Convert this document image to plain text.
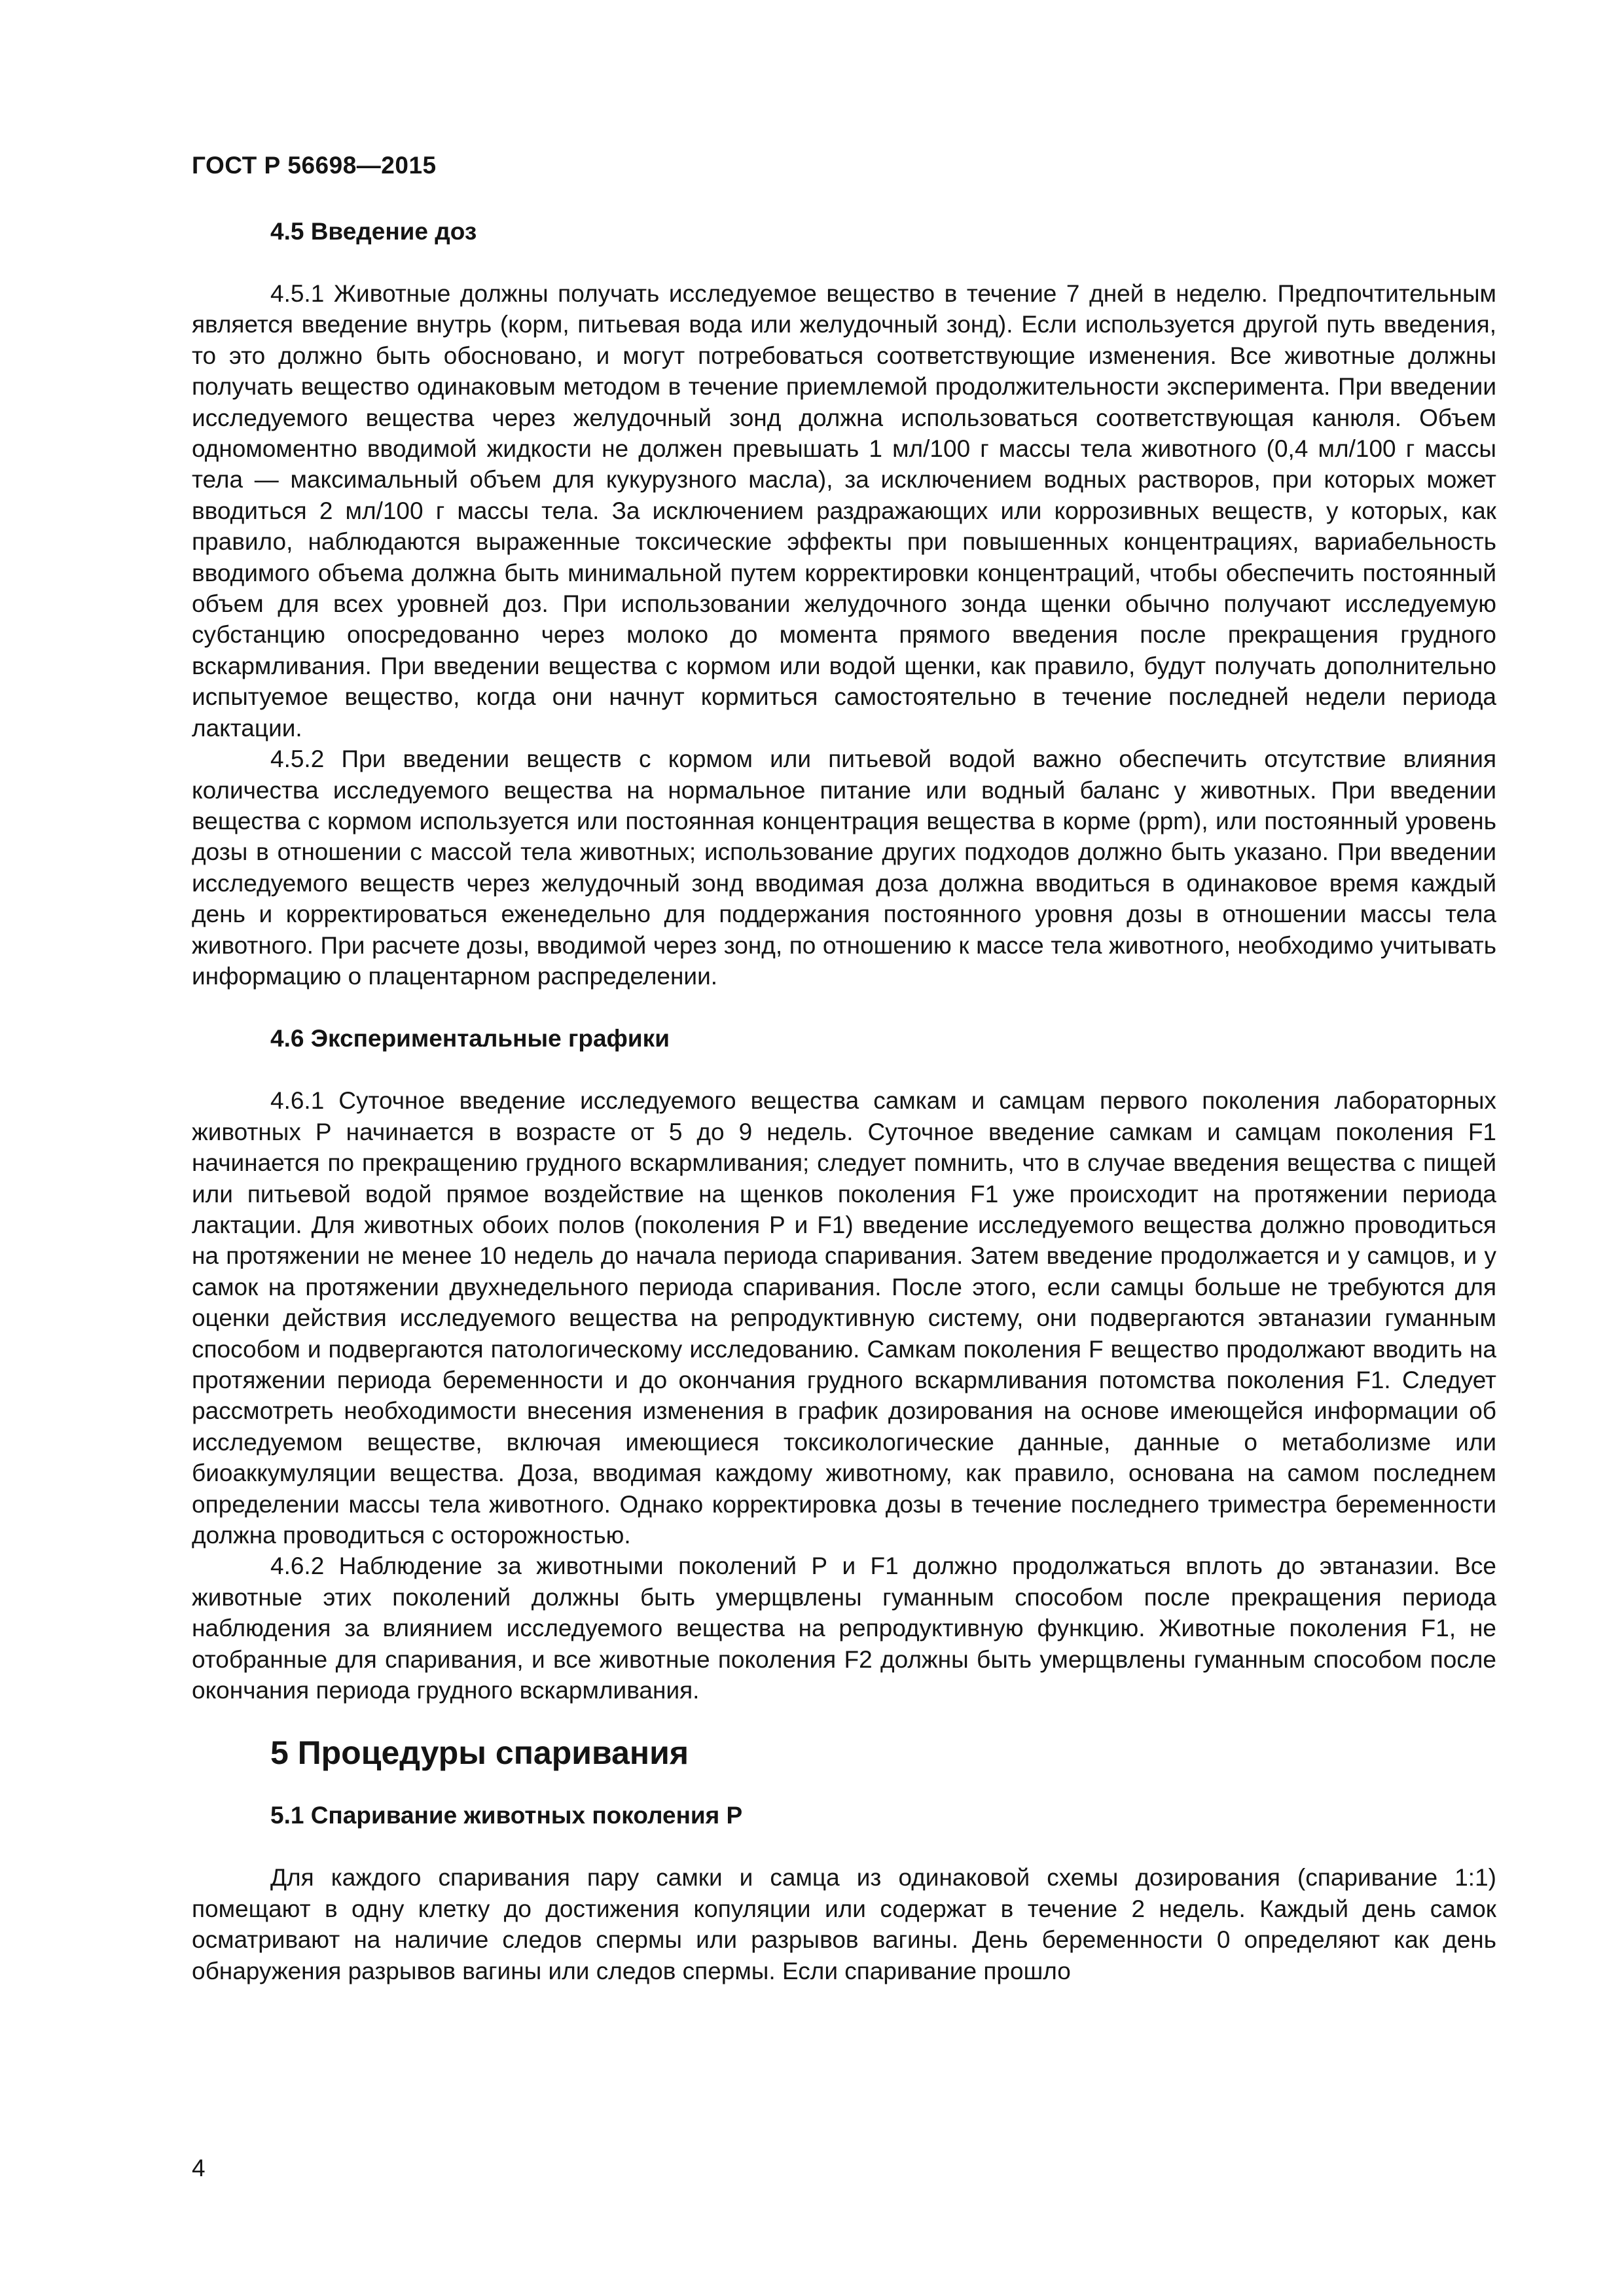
ГОСТ Р 56698—2015
4.5 Введение доз

4.5.1 Животные должны получать исследуемое вещество в течение 7 дней в неделю. Предпочтительным является введение внутрь (корм, питьевая вода или желудочный зонд). Если используется другой путь введения, то это должно быть обосновано, и могут потребоваться соответствующие изменения. Все животные должны получать вещество одинаковым методом в течение приемлемой продолжительности эксперимента. При введении исследуемого вещества через желудочный зонд должна использоваться соответствующая канюля. Объем одномоментно вводимой жидкости не должен превышать 1 мл/100 г массы тела животного (0,4 мл/100 г массы тела — максимальный объем для кукурузного масла), за исключением водных растворов, при которых может вводиться 2 мл/100 г массы тела. За исключением раздражающих или коррозивных веществ, у которых, как правило, наблюдаются выраженные токсические эффекты при повышенных концентрациях, вариабельность вводимого объема должна быть минимальной путем корректировки концентраций, чтобы обеспечить постоянный объем для всех уровней доз. При использовании желудочного зонда щенки обычно получают исследуемую субстанцию опосредованно через молоко до момента прямого введения после прекращения грудного вскармливания. При введении вещества с кормом или водой щенки, как правило, будут получать дополнительно испытуемое вещество, когда они начнут кормиться самостоятельно в течение последней недели периода лактации.

4.5.2 При введении веществ с кормом или питьевой водой важно обеспечить отсутствие влияния количества исследуемого вещества на нормальное питание или водный баланс у животных. При введении вещества с кормом используется или постоянная концентрация вещества в корме (ppm), или постоянный уровень дозы в отношении с массой тела животных; использование других подходов должно быть указано. При введении исследуемого веществ через желудочный зонд вводимая доза должна вводиться в одинаковое время каждый день и корректироваться еженедельно для поддержания постоянного уровня дозы в отношении массы тела животного. При расчете дозы, вводимой через зонд, по отношению к массе тела животного, необходимо учитывать информацию о плацентарном распределении.

4.6 Экспериментальные графики

4.6.1 Суточное введение исследуемого вещества самкам и самцам первого поколения лабораторных животных Р начинается в возрасте от 5 до 9 недель. Суточное введение самкам и самцам поколения F1 начинается по прекращению грудного вскармливания; следует помнить, что в случае введения вещества с пищей или питьевой водой прямое воздействие на щенков поколения F1 уже происходит на протяжении периода лактации. Для животных обоих полов (поколения Р и F1) введение исследуемого вещества должно проводиться на протяжении не менее 10 недель до начала периода спаривания. Затем введение продолжается и у самцов, и у самок на протяжении двухнедельного периода спаривания. После этого, если самцы больше не требуются для оценки действия исследуемого вещества на репродуктивную систему, они подвергаются эвтаназии гуманным способом и подвергаются патологическому исследованию. Самкам поколения F вещество продолжают вводить на протяжении периода беременности и до окончания грудного вскармливания потомства поколения F1. Следует рассмотреть необходимости внесения изменения в график дозирования на основе имеющейся информации об исследуемом веществе, включая имеющиеся токсикологические данные, данные о метаболизме или биоаккумуляции вещества. Доза, вводимая каждому животному, как правило, основана на самом последнем определении массы тела животного. Однако корректировка дозы в течение последнего триместра беременности должна проводиться с осторожностью.

4.6.2 Наблюдение за животными поколений Р и F1 должно продолжаться вплоть до эвтаназии. Все животные этих поколений должны быть умерщвлены гуманным способом после прекращения периода наблюдения за влиянием исследуемого вещества на репродуктивную функцию. Животные поколения F1, не отобранные для спаривания, и все животные поколения F2 должны быть умерщвлены гуманным способом после окончания периода грудного вскармливания.

5 Процедуры спаривания
5.1 Спаривание животных поколения Р

Для каждого спаривания пару самки и самца из одинаковой схемы дозирования (спаривание 1:1) помещают в одну клетку до достижения копуляции или содержат в течение 2 недель. Каждый день самок осматривают на наличие следов спермы или разрывов вагины. День беременности 0 определяют как день обнаружения разрывов вагины или следов спермы. Если спаривание прошло

4
